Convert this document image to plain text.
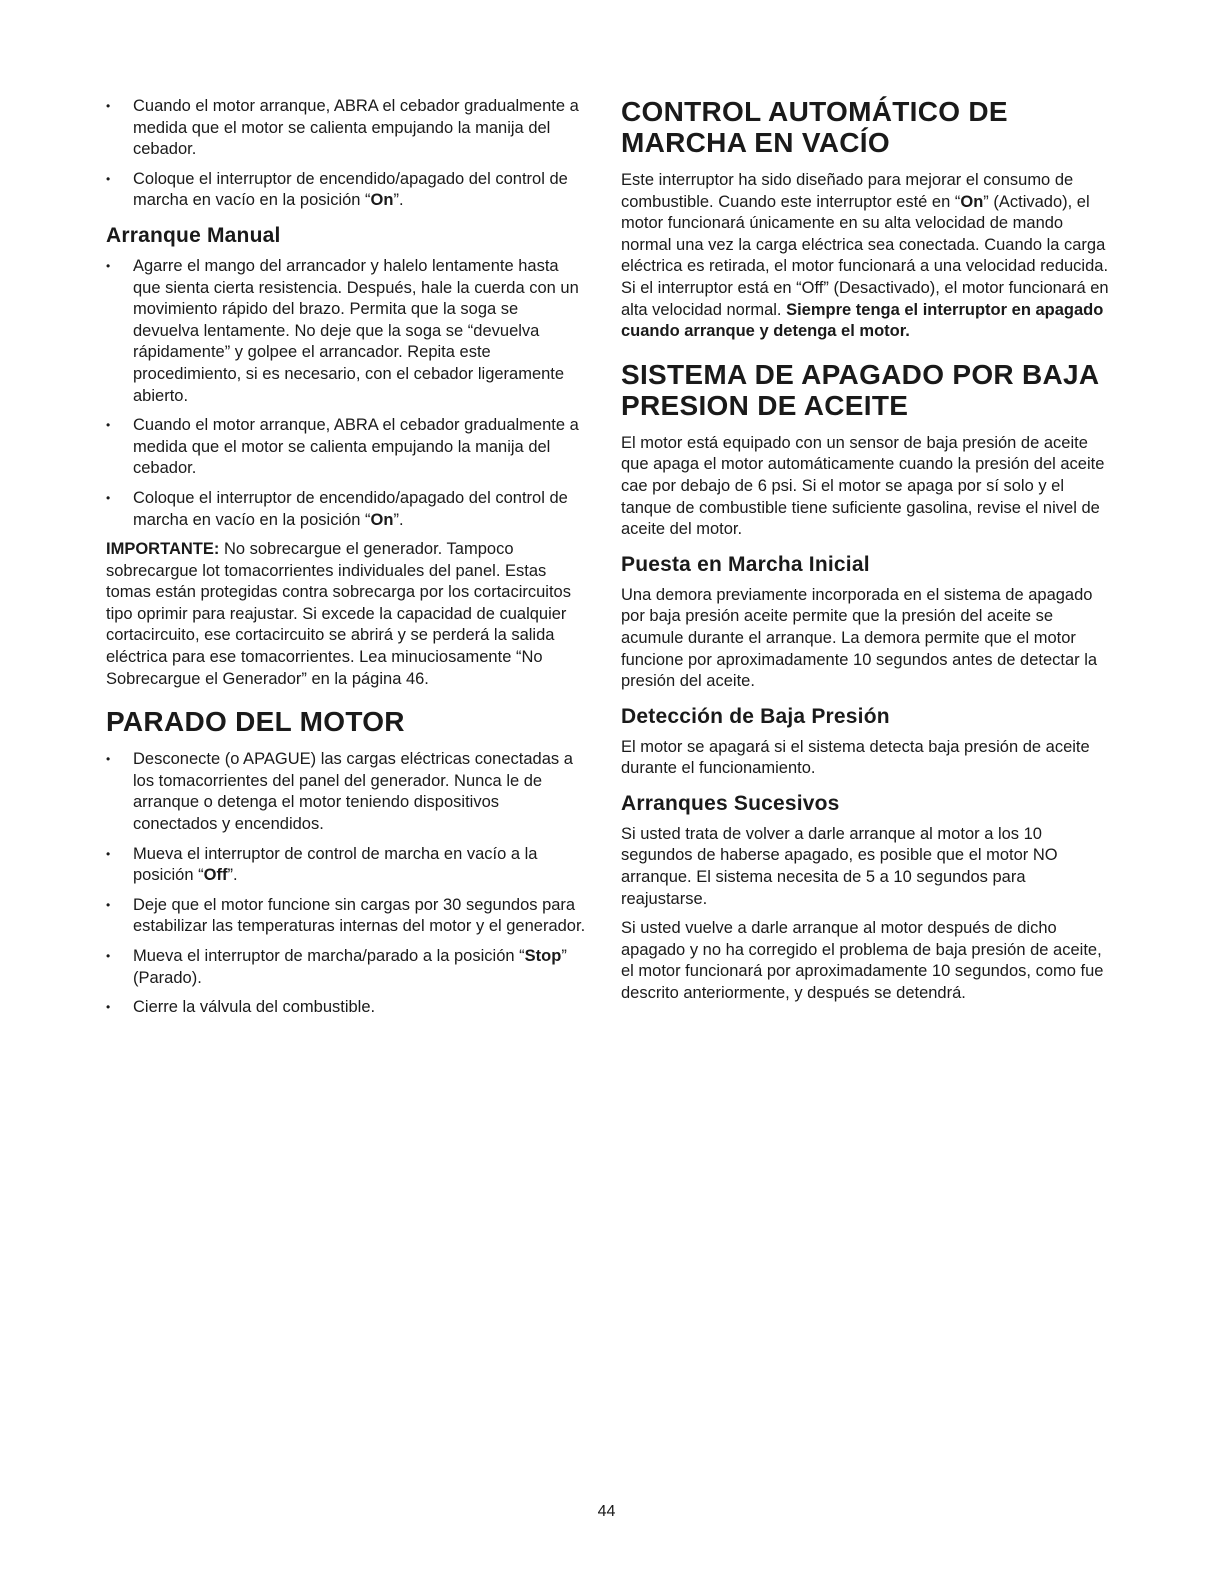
• Cuando el motor arranque, ABRA el cebador gradualmente a medida que el motor se calienta empujando la manija del cebador.
• Coloque el interruptor de encendido/apagado del control de marcha en vacío en la posición “On”.
Arranque Manual
• Agarre el mango del arrancador y halelo lentamente hasta que sienta cierta resistencia. Después, hale la cuerda con un movimiento rápido del brazo. Permita que la soga se devuelva lentamente. No deje que la soga se “devuelva rápidamente” y golpee el arrancador. Repita este procedimiento, si es necesario, con el cebador ligeramente abierto.
• Cuando el motor arranque, ABRA el cebador gradualmente a medida que el motor se calienta empujando la manija del cebador.
• Coloque el interruptor de encendido/apagado del control de marcha en vacío en la posición “On”.

IMPORTANTE: No sobrecargue el generador. Tampoco sobrecargue lot tomacorrientes individuales del panel. Estas tomas están protegidas contra sobrecarga por los cortacircuitos tipo oprimir para reajustar. Si excede la capacidad de cualquier cortacircuito, ese cortacircuito se abrirá y se perderá la salida eléctrica para ese tomacorrientes. Lea minuciosamente “No Sobrecargue el Generador” en la página 46.

PARADO DEL MOTOR
• Desconecte (o APAGUE) las cargas eléctricas conectadas a los tomacorrientes del panel del generador. Nunca le de arranque o detenga el motor teniendo dispositivos conectados y encendidos.
• Mueva el interruptor de control de marcha en vacío a la posición “Off”.
• Deje que el motor funcione sin cargas por 30 segundos para estabilizar las temperaturas internas del motor y el generador.
• Mueva el interruptor de marcha/parado a la posición “Stop” (Parado).
• Cierre la válvula del combustible.
CONTROL AUTOMÁTICO DE
MARCHA EN VACÍO

Este interruptor ha sido diseñado para mejorar el consumo de combustible. Cuando este interruptor esté en “On” (Activado), el motor funcionará únicamente en su alta velocidad de mando normal una vez la carga eléctrica sea conectada. Cuando la carga eléctrica es retirada, el motor funcionará a una velocidad reducida. Si el interruptor está en “Off” (Desactivado), el motor funcionará en alta velocidad normal. Siempre tenga el interruptor en apagado cuando arranque y detenga el motor.

SISTEMA DE APAGADO POR BAJA
PRESION DE ACEITE

El motor está equipado con un sensor de baja presión de aceite que apaga el motor automáticamente cuando la presión del aceite cae por debajo de 6 psi. Si el motor se apaga por sí solo y el tanque de combustible tiene suficiente gasolina, revise el nivel de aceite del motor.

Puesta en Marcha Inicial

Una demora previamente incorporada en el sistema de apagado por baja presión aceite permite que la presión del aceite se acumule durante el arranque. La demora permite que el motor funcione por aproximadamente 10 segundos antes de detectar la presión del aceite.

Detección de Baja Presión

El motor se apagará si el sistema detecta baja presión de aceite durante el funcionamiento.

Arranques Sucesivos

Si usted trata de volver a darle arranque al motor a los 10 segundos de haberse apagado, es posible que el motor NO arranque. El sistema necesita de 5 a 10 segundos para reajustarse.

Si usted vuelve a darle arranque al motor después de dicho apagado y no ha corregido el problema de baja presión de aceite, el motor funcionará por aproximadamente 10 segundos, como fue descrito anteriormente, y después se detendrá.

44
